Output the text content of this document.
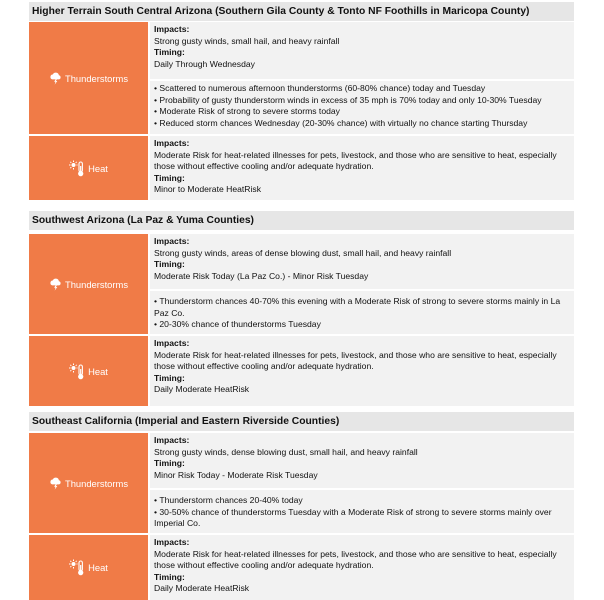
Higher Terrain South Central Arizona (Southern Gila County & Tonto NF Foothills in Maricopa County)
Thunderstorms
Impacts:
Strong gusty winds, small hail, and heavy rainfall
Timing:
Daily Through Wednesday
• Scattered to numerous afternoon thunderstorms (60-80% chance) today and Tuesday
• Probability of gusty thunderstorm winds in excess of 35 mph is 70% today and only 10-30% Tuesday
• Moderate Risk of strong to severe storms today
• Reduced storm chances Wednesday (20-30% chance) with virtually no chance starting Thursday
Heat
Impacts:
Moderate Risk for heat-related illnesses for pets, livestock, and those who are sensitive to heat, especially those without effective cooling and/or adequate hydration.
Timing:
Minor to Moderate HeatRisk
Southwest Arizona (La Paz & Yuma Counties)
Thunderstorms
Impacts:
Strong gusty winds, areas of dense blowing dust, small hail, and heavy rainfall
Timing:
Moderate Risk Today (La Paz Co.) - Minor Risk Tuesday
• Thunderstorm chances 40-70% this evening with a Moderate Risk of strong to severe storms mainly in La Paz Co.
• 20-30% chance of thunderstorms Tuesday
Heat
Impacts:
Moderate Risk for heat-related illnesses for pets, livestock, and those who are sensitive to heat, especially those without effective cooling and/or adequate hydration.
Timing:
Daily Moderate HeatRisk
Southeast California (Imperial and Eastern Riverside Counties)
Thunderstorms
Impacts:
Strong gusty winds, dense blowing dust, small hail, and heavy rainfall
Timing:
Minor Risk Today - Moderate Risk Tuesday
• Thunderstorm chances 20-40% today
• 30-50% chance of thunderstorms Tuesday with a Moderate Risk of strong to severe storms mainly over Imperial Co.
Heat
Impacts:
Moderate Risk for heat-related illnesses for pets, livestock, and those who are sensitive to heat, especially those without effective cooling and/or adequate hydration.
Timing:
Daily Moderate HeatRisk
